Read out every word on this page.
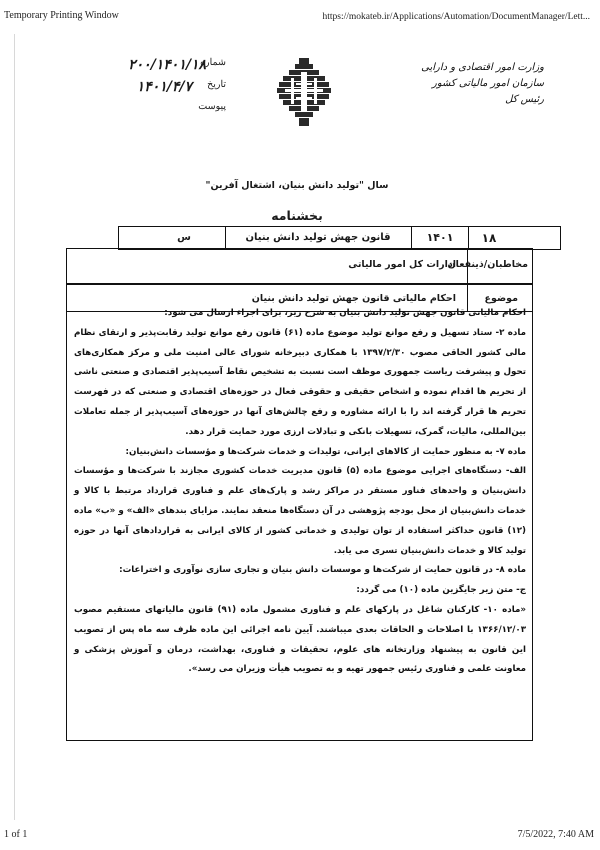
Temporary Printing Window	https://mokateb.ir/Applications/Automation/DocumentManager/Lett...
وزارت امور اقتصادی و دارایی
سازمان امور مالیاتی کشور
رئیس کل
شماره
۲۰۰/۱۴۰۱/۱۸
تاریخ
۱۴۰۱/۴/۷
پیوست
سال "تولید دانش بنیان، اشتغال آفرین"
بخشنامه
۱۸
۱۴۰۱
قانون جهش تولید دانش بنیان
س
مخاطبان/ذینفعان
ادارات کل امور مالیاتی
موضوع
احکام مالیاتی قانون جهش تولید دانش بنیان

احکام مالیاتی قانون جهش تولید دانش بنیان به شرح زیر، برای اجراء ارسال می شود:

ماده ۲- ستاد تسهیل و رفع موانع تولید موضوع ماده (۶۱) قانون رفع موانع تولید رقابت‌پذیر و ارتقای نظام مالی کشور الحاقی مصوب ۱۳۹۷/۲/۳۰ با همکاری دبیرخانه شورای عالی امنیت ملی و مرکز همکاری‌های تحول و پیشرفت ریاست جمهوری موظف است نسبت به تشخیص نقاط آسیب‌پذیر اقتصادی و صنعتی ناشی از تحریم ها اقدام نموده و اشخاص حقیقی و حقوقی فعال در حوزه‌های اقتصادی و صنعتی که در فهرست تحریم ها قرار گرفته اند را با ارائه مشاوره و رفع چالش‌های آنها در حوزه‌های آسیب‌پذیر از جمله تعاملات بین‌المللی، مالیات، گمرک، تسهیلات بانکی و تبادلات ارزی مورد حمایت قرار دهد.

ماده ۷- به منظور حمایت از کالاهای ایرانی، تولیدات و خدمات شرکت‌ها و مؤسسات دانش‌بنیان:

الف- دستگاه‌های اجرایی موضوع ماده (۵) قانون مدیریت خدمات کشوری مجازند با شرکت‌ها و مؤسسات دانش‌بنیان و واحدهای فناور مستقر در مراکز رشد و پارک‌های علم و فناوری قرارداد مرتبط با کالا و خدمات دانش‌بنیان از محل بودجه پژوهشی در آن دستگاه‌ها منعقد نمایند. مزایای بندهای «الف» و «ب» ماده (۱۲) قانون حداکثر استفاده از توان تولیدی و خدماتی کشور از کالای ایرانی به قراردادهای آنها در حوزه تولید کالا و خدمات دانش‌بنیان تسری می یابد.

ماده ۸- در قانون حمایت از شرکت‌ها و موسسات دانش بنیان و تجاری سازی نوآوری و اختراعات:

ج- متن زیر جایگزین ماده (۱۰) می گردد:

«ماده ۱۰- کارکنان شاغل در پارکهای علم و فناوری مشمول ماده (۹۱) قانون مالیاتهای مستقیم مصوب ۱۳۶۶/۱۲/۰۳ با اصلاحات و الحاقات بعدی میباشند. آیین نامه اجرائی این ماده ظرف سه ماه پس از تصویب این قانون به پیشنهاد وزارتخانه های علوم، تحقیقات و فناوری، بهداشت، درمان و آموزش پزشکی و معاونت علمی و فناوری رئیس جمهور تهیه و به تصویب هیأت وزیران می رسد».

1 of 1	7/5/2022, 7:40 AM
